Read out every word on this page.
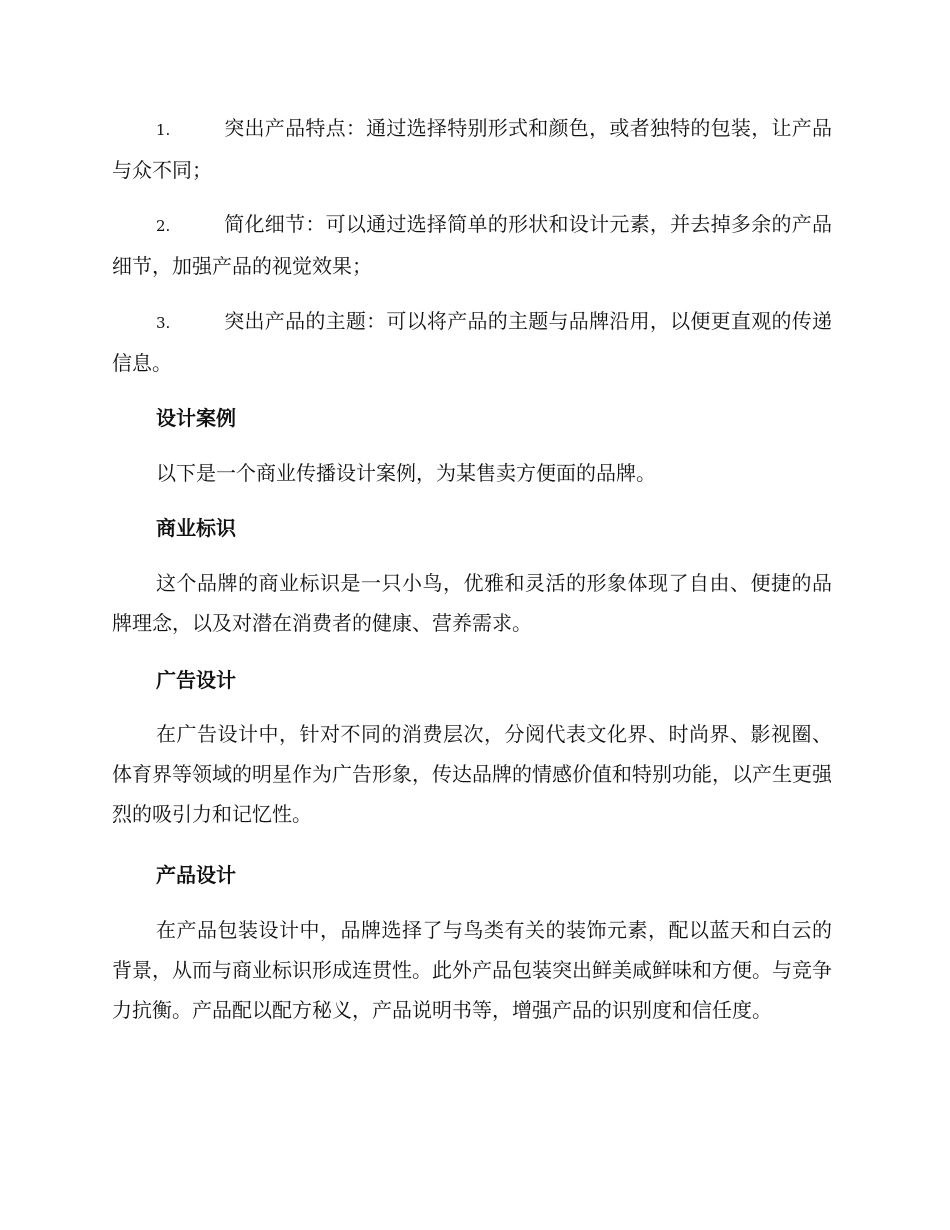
1.	突出产品特点：通过选择特别形式和颜色，或者独特的包装，让产品与众不同；

2.	简化细节：可以通过选择简单的形状和设计元素，并去掉多余的产品细节，加强产品的视觉效果；

3.	突出产品的主题：可以将产品的主题与品牌沿用，以便更直观的传递信息。

设计案例

以下是一个商业传播设计案例，为某售卖方便面的品牌。

商业标识

这个品牌的商业标识是一只小鸟，优雅和灵活的形象体现了自由、便捷的品牌理念，以及对潜在消费者的健康、营养需求。

广告设计

在广告设计中，针对不同的消费层次，分阅代表文化界、时尚界、影视圈、体育界等领域的明星作为广告形象，传达品牌的情感价值和特别功能，以产生更强烈的吸引力和记忆性。

产品设计

在产品包装设计中，品牌选择了与鸟类有关的装饰元素，配以蓝天和白云的背景，从而与商业标识形成连贯性。此外产品包装突出鲜美咸鲜味和方便。与竞争力抗衡。产品配以配方秘义，产品说明书等，增强产品的识别度和信任度。
